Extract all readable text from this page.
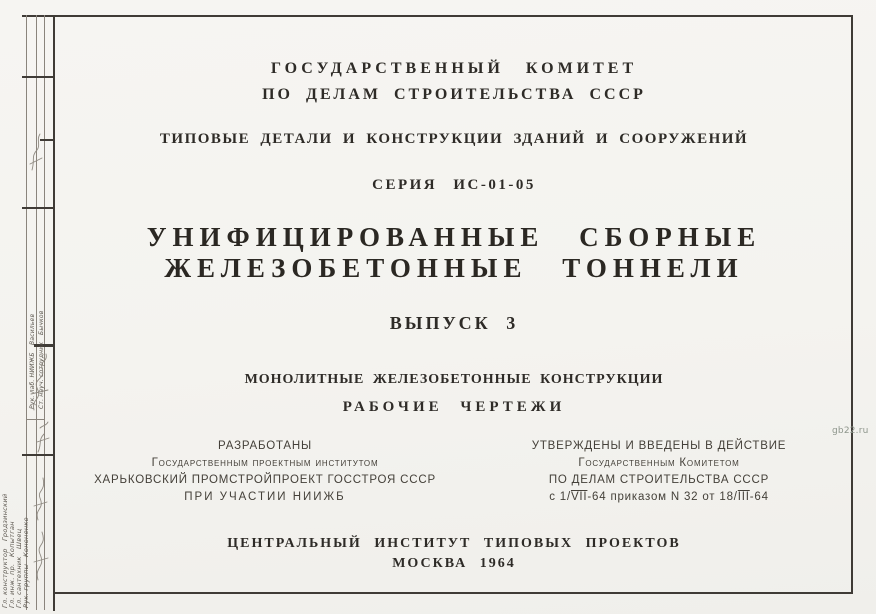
ГОСУДАРСТВЕННЫЙ КОМИТЕТ
ПО ДЕЛАМ СТРОИТЕЛЬСТВА СССР
ТИПОВЫЕ ДЕТАЛИ И КОНСТРУКЦИИ ЗДАНИЙ И СООРУЖЕНИЙ
СЕРИЯ ИС-01-05
УНИФИЦИРОВАННЫЕ СБОРНЫЕ
ЖЕЛЕЗОБЕТОННЫЕ ТОННЕЛИ
ВЫПУСК 3
МОНОЛИТНЫЕ ЖЕЛЕЗОБЕТОННЫЕ КОНСТРУКЦИИ
РАБОЧИЕ ЧЕРТЕЖИ
РАЗРАБОТАНЫ
Государственным проектным институтом
ХАРЬКОВСКИЙ ПРОМСТРОЙПРОЕКТ ГОССТРОЯ СССР
ПРИ УЧАСТИИ НИИЖБ
УТВЕРЖДЕНЫ И ВВЕДЕНЫ В ДЕЙСТВИЕ
Государственным Комитетом
ПО ДЕЛАМ СТРОИТЕЛЬСТВА СССР
с $1/\overline{VII}-64$ приказом N 32 от $18/\overline{III}-64$
ЦЕНТРАЛЬНЫЙ ИНСТИТУТ ТИПОВЫХ ПРОЕКТОВ
МОСКВА 1964
Рук. лаб. НИИЖБВасильев
Ст. науч. сотрудникБычков
Гл. конструкторГродзинский
Гл. инж. пр.Копытган
Гл. сантехникШвец
Рук. группыКононенко
gb22.ru
